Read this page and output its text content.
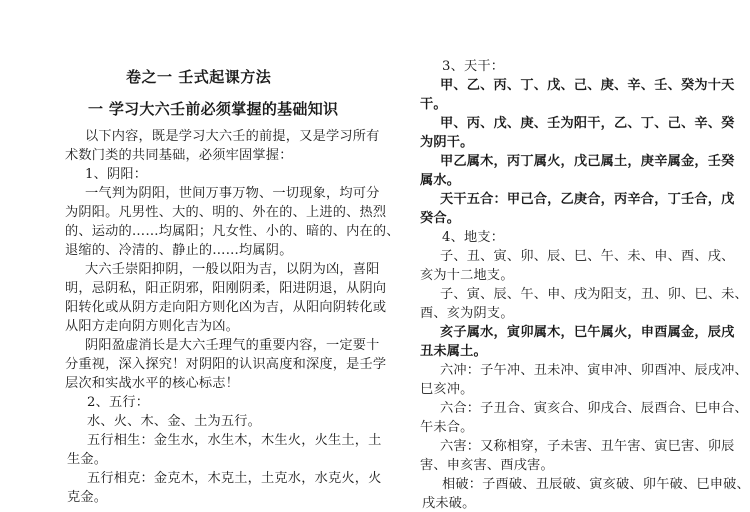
卷之一 壬式起课方法
一 学习大六壬前必须掌握的基础知识
以下内容，既是学习大六壬的前提，又是学习所有
术数门类的共同基础，必须牢固掌握：
1、阴阳：
一气判为阴阳，世间万事万物、一切现象，均可分
为阴阳。凡男性、大的、明的、外在的、上进的、热烈
的、运动的……均属阳；凡女性、小的、暗的、内在的、
退缩的、冷清的、静止的……均属阴。
大六壬崇阳抑阴，一般以阳为吉，以阴为凶，喜阳
明，忌阴私，阳正阴邪，阳刚阴柔，阳进阴退，从阴向
阳转化或从阴方走向阳方则化凶为吉，从阳向阴转化或
从阳方走向阴方则化吉为凶。
阴阳盈虚消长是大六壬理气的重要内容，一定要十
分重视，深入探究！对阴阳的认识高度和深度，是壬学
层次和实战水平的核心标志！
2、五行：
水、火、木、金、土为五行。
五行相生：金生水，水生木，木生火，火生土，土
生金。
五行相克：金克木，木克土，土克水，水克火，火
克金。
3、天干：
甲、乙、丙、丁、戊、己、庚、辛、壬、癸为十天
干。
甲、丙、戊、庚、壬为阳干，乙、丁、己、辛、癸
为阴干。
甲乙属木，丙丁属火，戊己属土，庚辛属金，壬癸
属水。
天干五合：甲己合，乙庚合，丙辛合，丁壬合，戊
癸合。
4、地支：
子、丑、寅、卯、辰、巳、午、未、申、酉、戌、
亥为十二地支。
子、寅、辰、午、申、戌为阳支，丑、卯、巳、未、
酉、亥为阴支。
亥子属水，寅卯属木，巳午属火，申酉属金，辰戌
丑未属土。
六冲：子午冲、丑未冲、寅申冲、卯酉冲、辰戌冲、
巳亥冲。
六合：子丑合、寅亥合、卯戌合、辰酉合、巳申合、
午未合。
六害：又称相穿，子未害、丑午害、寅巳害、卯辰
害、申亥害、酉戌害。
相破：子酉破、丑辰破、寅亥破、卯午破、巳申破、
戌未破。
